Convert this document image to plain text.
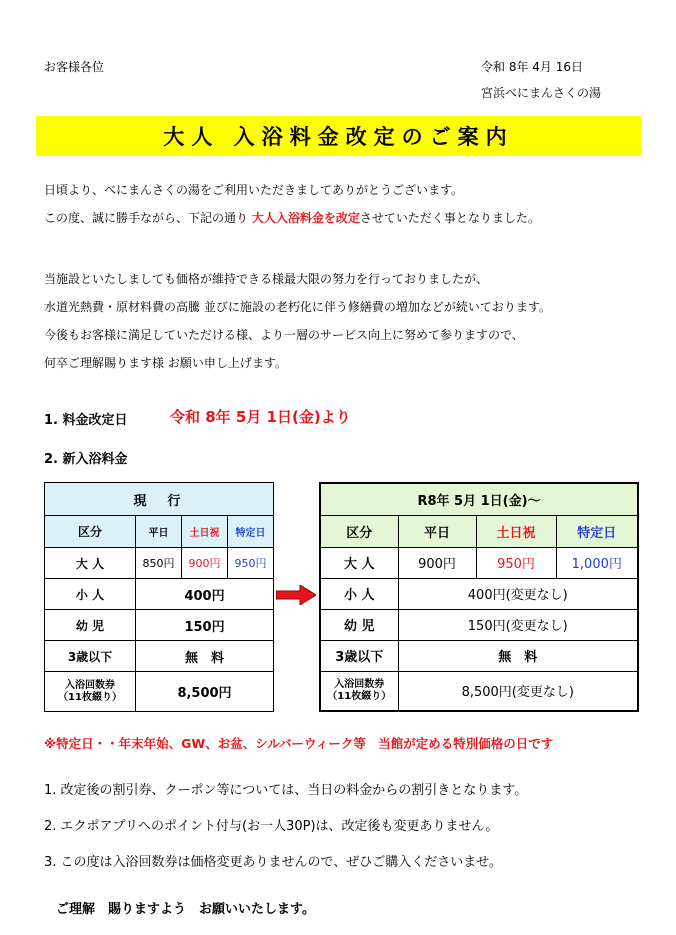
お客様各位	令和 8年 4月 16日
宮浜べにまんさくの湯
大人 入浴料金改定のご案内
日頃より、べにまんさくの湯をご利用いただきましてありがとうございます。
この度、誠に勝手ながら、下記の通り 大人入浴料金を改定させていただく事となりました。
当施設といたしましても価格が維持できる様最大限の努力を行っておりましたが、
水道光熱費・原材料費の高騰 並びに施設の老朽化に伴う修繕費の増加などが続いております。
今後もお客様に満足していただける様、より一層のサービス向上に努めて参りますので、
何卒ご理解賜ります様 お願い申し上げます。
1. 料金改定日	令和 8年 5月 1日(金)より
2. 新入浴料金
現　行			
区分	平日	土日祝	特定日
大 人	850円	900円	950円
小 人	400円		
幼 児	150円		
3歳以下	無　料		

入浴回数券
（11枚綴り）	8,500円		
R8年 5月 1日(金)～			
区分	平日	土日祝	特定日
大 人	900円	950円	1,000円
小 人	400円(変更なし)		
幼 児	150円(変更なし)		
3歳以下	無　料		

入浴回数券
（11枚綴り）	8,500円(変更なし)		
※特定日・・年末年始、GW、お盆、シルバーウィーク等　当館が定める特別価格の日です
1. 改定後の割引券、クーポン等については、当日の料金からの割引きとなります。
2. エクポアプリへのポイント付与(お一人30P)は、改定後も変更ありません。
3. この度は入浴回数券は価格変更ありませんので、ぜひご購入くださいませ。
ご理解　賜りますよう　お願いいたします。
